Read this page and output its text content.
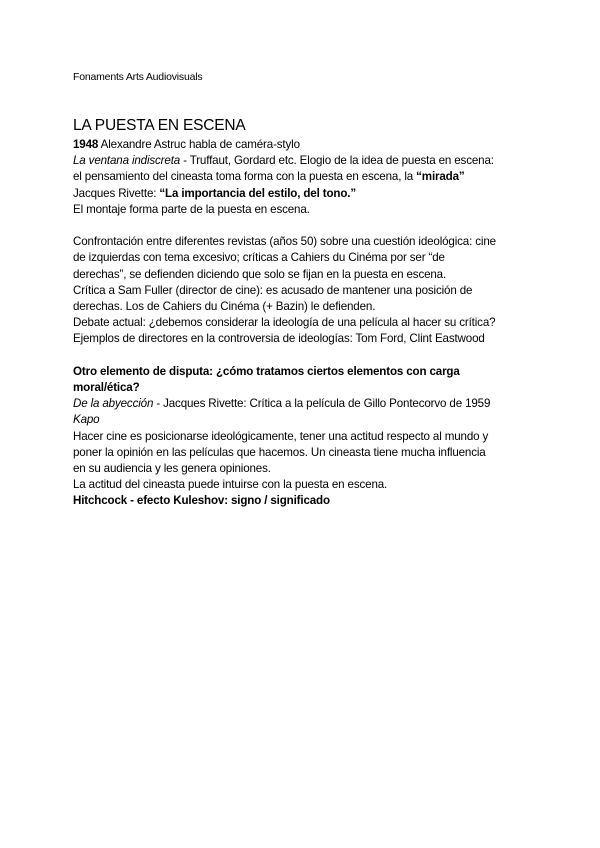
Fonaments Arts Audiovisuals
LA PUESTA EN ESCENA
1948 Alexandre Astruc habla de caméra-stylo
La ventana indiscreta - Truffaut, Gordard etc. Elogio de la idea de puesta en escena:
el pensamiento del cineasta toma forma con la puesta en escena, la “mirada”
Jacques Rivette: “La importancia del estilo, del tono.”
El montaje forma parte de la puesta en escena.
Confrontación entre diferentes revistas (años 50) sobre una cuestión ideológica: cine
de izquierdas con tema excesivo; críticas a Cahiers du Cinéma por ser “de
derechas”, se defienden diciendo que solo se fijan en la puesta en escena.
Crítica a Sam Fuller (director de cine): es acusado de mantener una posición de
derechas. Los de Cahiers du Cinéma (+ Bazin) le defienden.
Debate actual: ¿debemos considerar la ideología de una película al hacer su crítica?
Ejemplos de directores en la controversia de ideologías: Tom Ford, Clint Eastwood
Otro elemento de disputa: ¿cómo tratamos ciertos elementos con carga
moral/ética?
De la abyección - Jacques Rivette: Crítica a la película de Gillo Pontecorvo de 1959
Kapo
Hacer cine es posicionarse ideológicamente, tener una actitud respecto al mundo y
poner la opinión en las películas que hacemos. Un cineasta tiene mucha influencia
en su audiencia y les genera opiniones.
La actitud del cineasta puede intuirse con la puesta en escena.
Hitchcock - efecto Kuleshov: signo / significado
